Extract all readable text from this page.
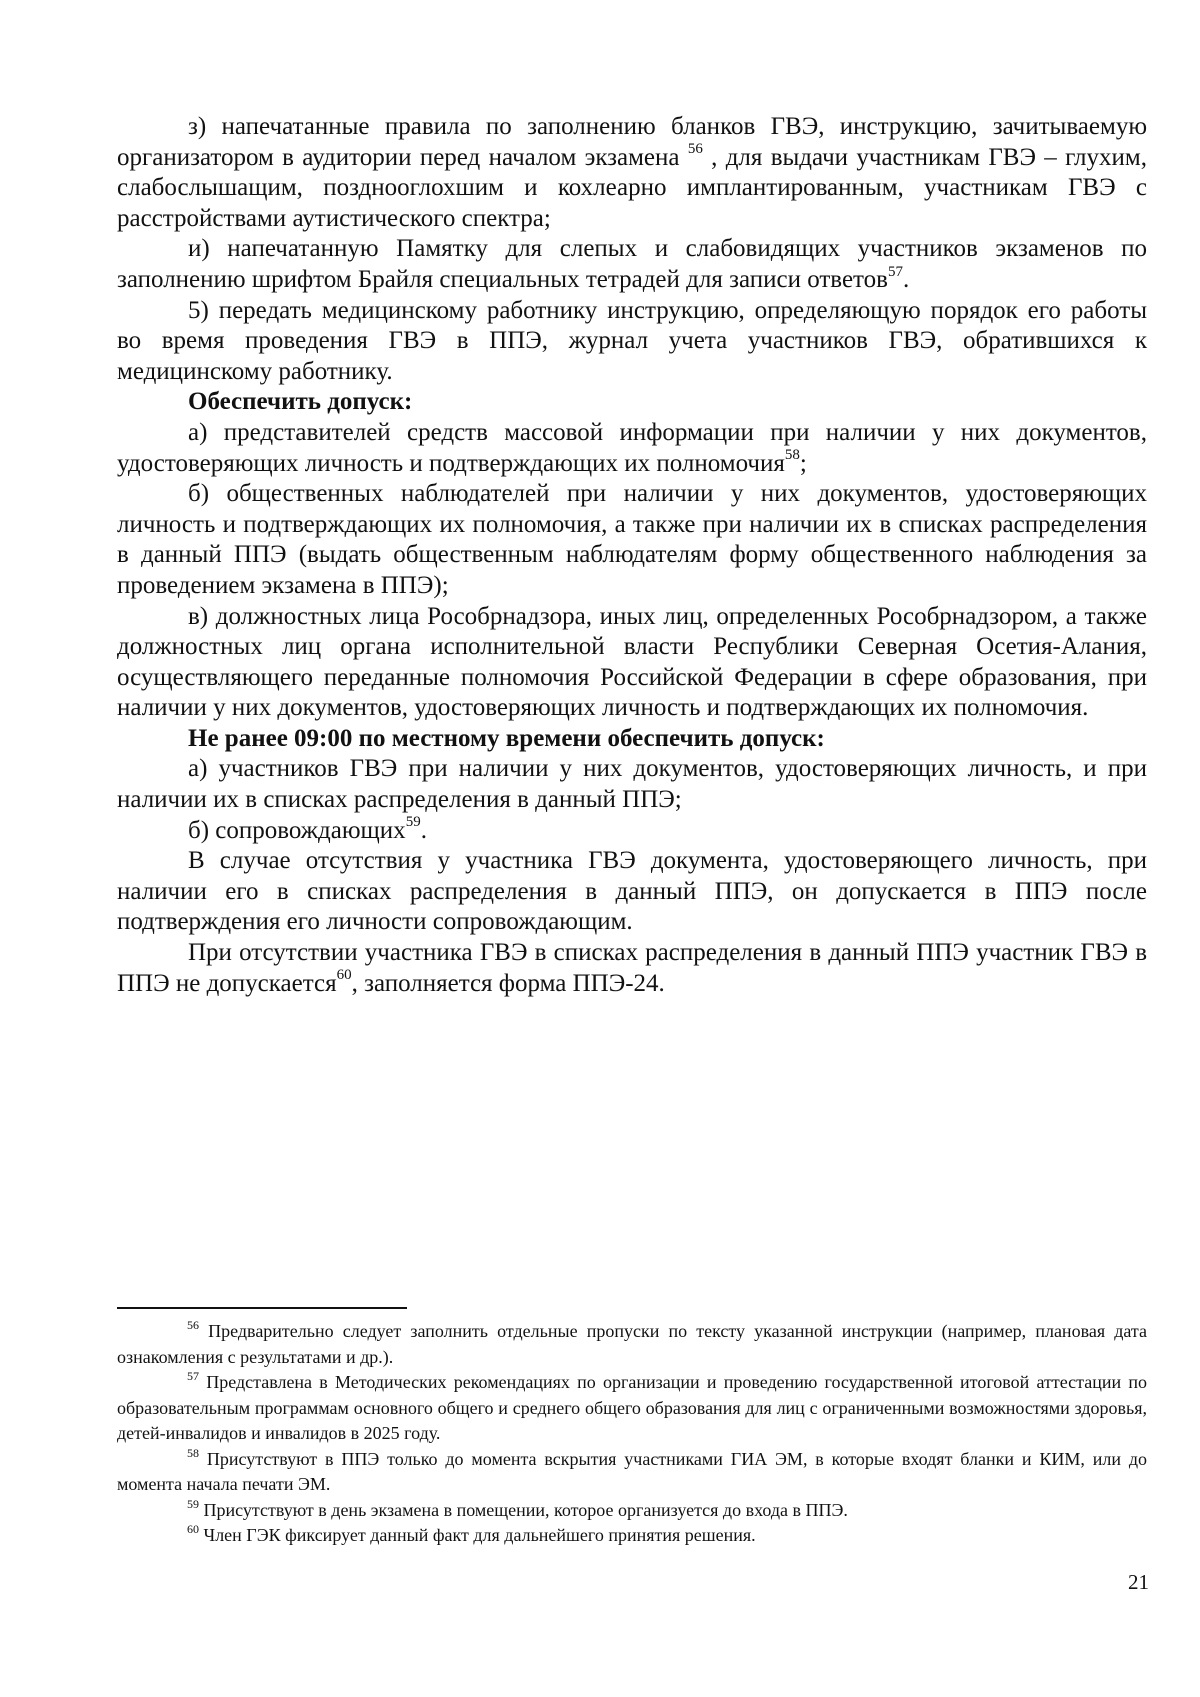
з) напечатанные правила по заполнению бланков ГВЭ, инструкцию, зачитываемую организатором в аудитории перед началом экзамена $^{56}$ , для выдачи участникам ГВЭ – глухим, слабослышащим, позднооглохшим и кохлеарно имплантированным, участникам ГВЭ с расстройствами аутистического спектра;

и) напечатанную Памятку для слепых и слабовидящих участников экзаменов по заполнению шрифтом Брайля специальных тетрадей для записи ответов$^{57}$.

5) передать медицинскому работнику инструкцию, определяющую порядок его работы во время проведения ГВЭ в ППЭ, журнал учета участников ГВЭ, обратившихся к медицинскому работнику.

Обеспечить допуск:

а) представителей средств массовой информации при наличии у них документов, удостоверяющих личность и подтверждающих их полномочия$^{58}$;

б) общественных наблюдателей при наличии у них документов, удостоверяющих личность и подтверждающих их полномочия, а также при наличии их в списках распределения в данный ППЭ (выдать общественным наблюдателям форму общественного наблюдения за проведением экзамена в ППЭ);

в) должностных лица Рособрнадзора, иных лиц, определенных Рособрнадзором, а также должностных лиц органа исполнительной власти Республики Северная Осетия-Алания, осуществляющего переданные полномочия Российской Федерации в сфере образования, при наличии у них документов, удостоверяющих личность и подтверждающих их полномочия.

Не ранее 09:00 по местному времени обеспечить допуск:

а) участников ГВЭ при наличии у них документов, удостоверяющих личность, и при наличии их в списках распределения в данный ППЭ;

б) сопровождающих$^{59}$.

В случае отсутствия у участника ГВЭ документа, удостоверяющего личность, при наличии его в списках распределения в данный ППЭ, он допускается в ППЭ после подтверждения его личности сопровождающим.

При отсутствии участника ГВЭ в списках распределения в данный ППЭ участник ГВЭ в ППЭ не допускается$^{60}$, заполняется форма ППЭ-24.

$^{56}$ Предварительно следует заполнить отдельные пропуски по тексту указанной инструкции (например, плановая дата ознакомления с результатами и др.).

$^{57}$ Представлена в Методических рекомендациях по организации и проведению государственной итоговой аттестации по образовательным программам основного общего и среднего общего образования для лиц с ограниченными возможностями здоровья, детей-инвалидов и инвалидов в 2025 году.

$^{58}$ Присутствуют в ППЭ только до момента вскрытия участниками ГИА ЭМ, в которые входят бланки и КИМ, или до момента начала печати ЭМ.

$^{59}$ Присутствуют в день экзамена в помещении, которое организуется до входа в ППЭ.

$^{60}$ Член ГЭК фиксирует данный факт для дальнейшего принятия решения.

21
